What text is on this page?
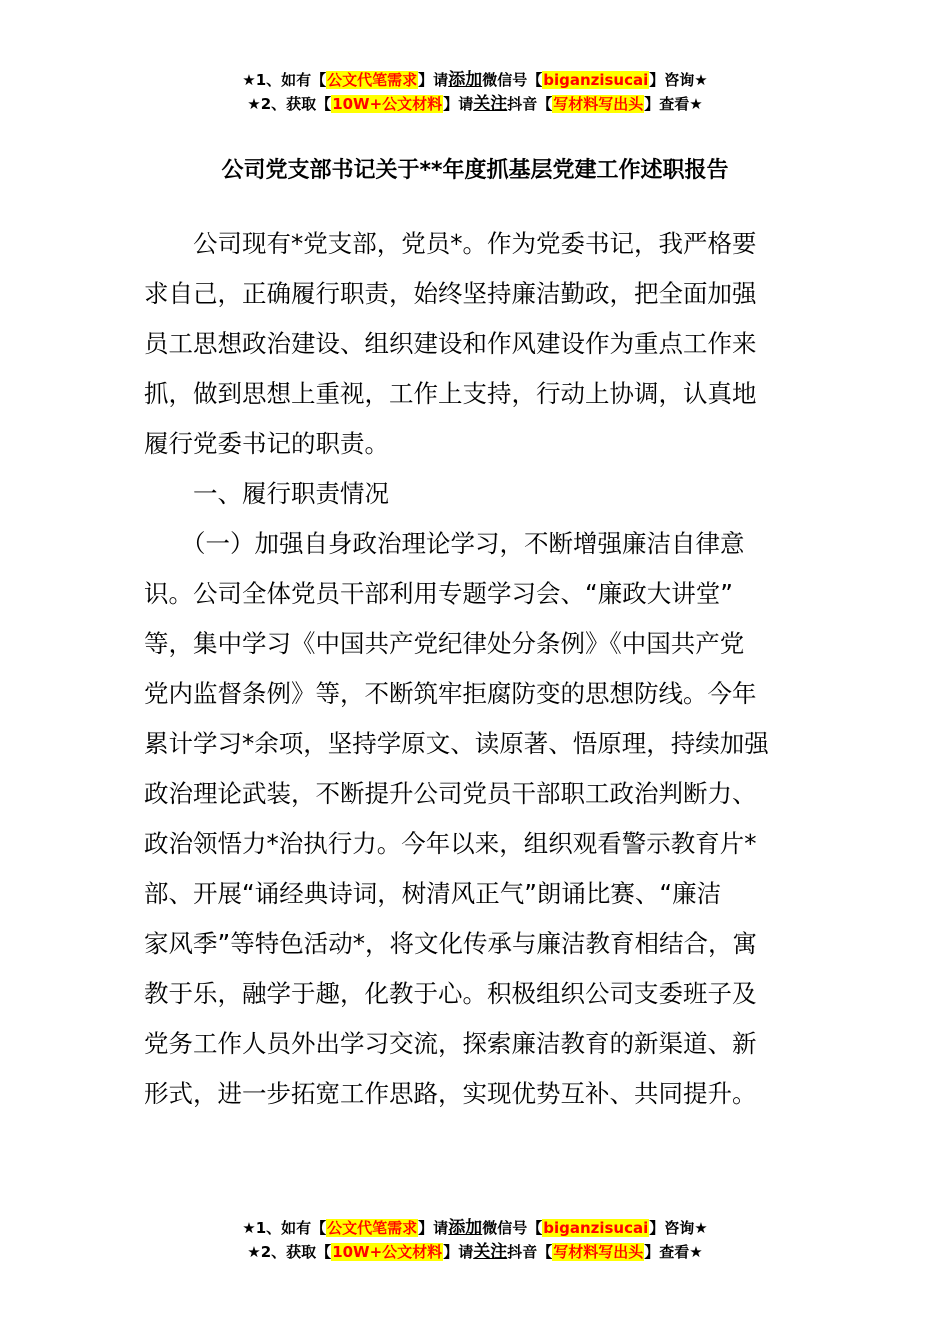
★1、如有【公文代笔需求】请添加微信号【biganzisucai】咨询★
★2、获取【10W+公文材料】请关注抖音【写材料写出头】查看★
公司党支部书记关于**年度抓基层党建工作述职报告
公司现有*党支部，党员*。作为党委书记，我严格要
求自己，正确履行职责，始终坚持廉洁勤政，把全面加强
员工思想政治建设、组织建设和作风建设作为重点工作来
抓，做到思想上重视，工作上支持，行动上协调，认真地
履行党委书记的职责。
一、履行职责情况
（一）加强自身政治理论学习，不断增强廉洁自律意
识。公司全体党员干部利用专题学习会、“廉政大讲堂”
等，集中学习《中国共产党纪律处分条例》《中国共产党
党内监督条例》等，不断筑牢拒腐防变的思想防线。今年
累计学习*余项，坚持学原文、读原著、悟原理，持续加强
政治理论武装，不断提升公司党员干部职工政治判断力、
政治领悟力*治执行力。今年以来，组织观看警示教育片*
部、开展“诵经典诗词，树清风正气”朗诵比赛、“廉洁
家风季”等特色活动*，将文化传承与廉洁教育相结合，寓
教于乐，融学于趣，化教于心。积极组织公司支委班子及
党务工作人员外出学习交流，探索廉洁教育的新渠道、新
形式，进一步拓宽工作思路，实现优势互补、共同提升。
★1、如有【公文代笔需求】请添加微信号【biganzisucai】咨询★
★2、获取【10W+公文材料】请关注抖音【写材料写出头】查看★
